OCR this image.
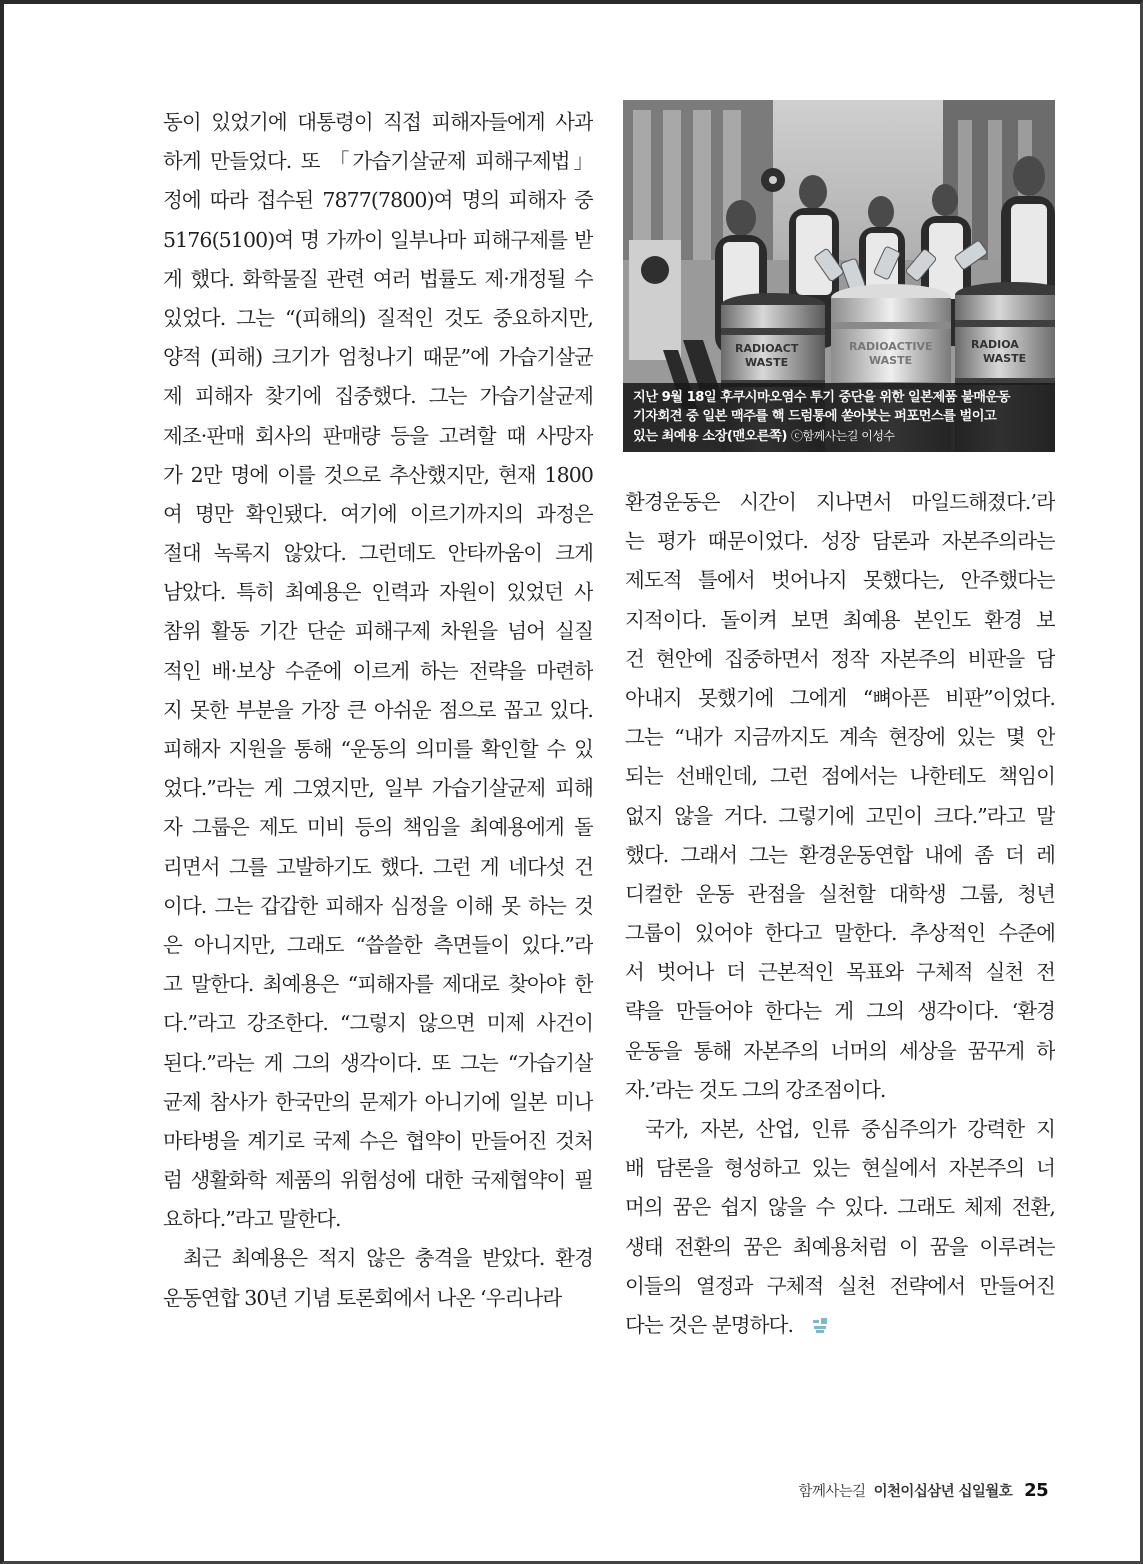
동이 있었기에 대통령이 직접 피해자들에게 사과
하게 만들었다. 또 「가습기살균제 피해구제법」
정에 따라 접수된 7877(7800)여 명의 피해자 중
5176(5100)여 명 가까이 일부나마 피해구제를 받
게 했다. 화학물질 관련 여러 법률도 제·개정될 수
있었다. 그는 “(피해의) 질적인 것도 중요하지만,
양적 (피해) 크기가 엄청나기 때문”에 가습기살균
제 피해자 찾기에 집중했다. 그는 가습기살균제
제조·판매 회사의 판매량 등을 고려할 때 사망자
가 2만 명에 이를 것으로 추산했지만, 현재 1800
여 명만 확인됐다. 여기에 이르기까지의 과정은
절대 녹록지 않았다. 그런데도 안타까움이 크게
남았다. 특히 최예용은 인력과 자원이 있었던 사
참위 활동 기간 단순 피해구제 차원을 넘어 실질
적인 배·보상 수준에 이르게 하는 전략을 마련하
지 못한 부분을 가장 큰 아쉬운 점으로 꼽고 있다.
피해자 지원을 통해 “운동의 의미를 확인할 수 있
었다.”라는 게 그였지만, 일부 가습기살균제 피해
자 그룹은 제도 미비 등의 책임을 최예용에게 돌
리면서 그를 고발하기도 했다. 그런 게 네다섯 건
이다. 그는 갑갑한 피해자 심정을 이해 못 하는 것
은 아니지만, 그래도 “씁쓸한 측면들이 있다.”라
고 말한다. 최예용은 “피해자를 제대로 찾아야 한
다.”라고 강조한다. “그렇지 않으면 미제 사건이
된다.”라는 게 그의 생각이다. 또 그는 “가습기살
균제 참사가 한국만의 문제가 아니기에 일본 미나
마타병을 계기로 국제 수은 협약이 만들어진 것처
럼 생활화학 제품의 위험성에 대한 국제협약이 필
요하다.”라고 말한다.
최근 최예용은 적지 않은 충격을 받았다. 환경
운동연합 30년 기념 토론회에서 나온 ‘우리나라
RADIOACT
WASTE
RADIOACTIVE
WASTE
RADIOA
WASTE
지난 9월 18일 후쿠시마오염수 투기 중단을 위한 일본제품 불매운동
기자회견 중 일본 맥주를 핵 드럼통에 쏟아붓는 퍼포먼스를 벌이고
있는 최예용 소장(맨오른쪽) ⓒ함께사는길 이성수
환경운동은 시간이 지나면서 마일드해졌다.’라
는 평가 때문이었다. 성장 담론과 자본주의라는
제도적 틀에서 벗어나지 못했다는, 안주했다는
지적이다. 돌이켜 보면 최예용 본인도 환경 보
건 현안에 집중하면서 정작 자본주의 비판을 담
아내지 못했기에 그에게 “뼈아픈 비판”이었다.
그는 “내가 지금까지도 계속 현장에 있는 몇 안
되는 선배인데, 그런 점에서는 나한테도 책임이
없지 않을 거다. 그렇기에 고민이 크다.”라고 말
했다. 그래서 그는 환경운동연합 내에 좀 더 레
디컬한 운동 관점을 실천할 대학생 그룹, 청년
그룹이 있어야 한다고 말한다. 추상적인 수준에
서 벗어나 더 근본적인 목표와 구체적 실천 전
략을 만들어야 한다는 게 그의 생각이다. ‘환경
운동을 통해 자본주의 너머의 세상을 꿈꾸게 하
자.’라는 것도 그의 강조점이다.
국가, 자본, 산업, 인류 중심주의가 강력한 지
배 담론을 형성하고 있는 현실에서 자본주의 너
머의 꿈은 쉽지 않을 수 있다. 그래도 체제 전환,
생태 전환의 꿈은 최예용처럼 이 꿈을 이루려는
이들의 열정과 구체적 실천 전략에서 만들어진
다는 것은 분명하다.
함께사는길 이천이십삼년 십일월호 25
